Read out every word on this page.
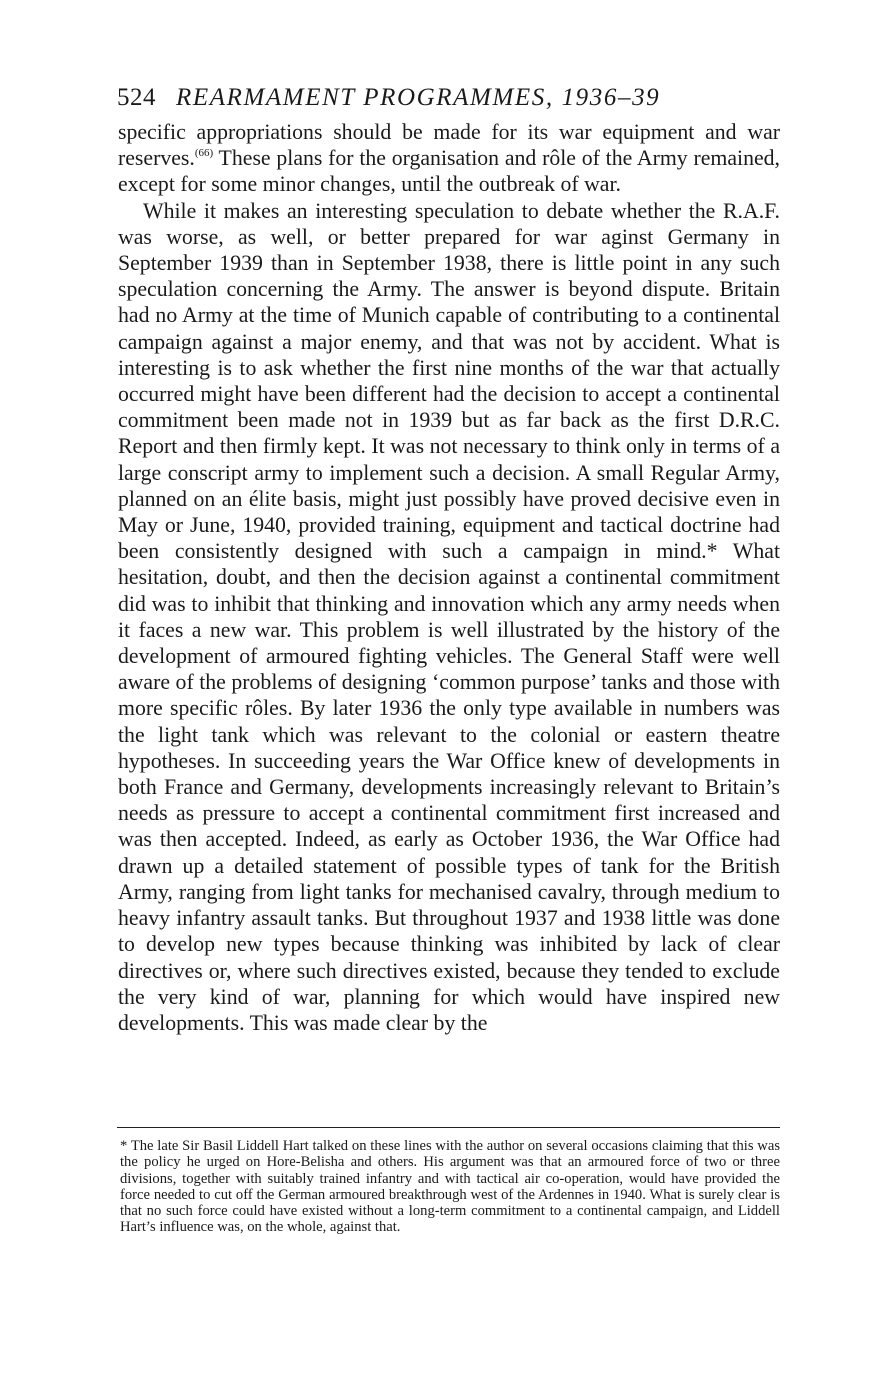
524 REARMAMENT PROGRAMMES, 1936–39

specific appropriations should be made for its war equipment and war reserves.$^{(66)}$ These plans for the organisation and rôle of the Army remained, except for some minor changes, until the outbreak of war.

While it makes an interesting speculation to debate whether the R.A.F. was worse, as well, or better prepared for war aginst Germany in September 1939 than in September 1938, there is little point in any such speculation concerning the Army. The answer is beyond dispute. Britain had no Army at the time of Munich capable of contributing to a continental campaign against a major enemy, and that was not by accident. What is interesting is to ask whether the first nine months of the war that actually occurred might have been different had the decision to accept a continental commitment been made not in 1939 but as far back as the first D.R.C. Report and then firmly kept. It was not necessary to think only in terms of a large conscript army to implement such a decision. A small Regular Army, planned on an élite basis, might just possibly have proved decisive even in May or June, 1940, provided training, equipment and tactical doctrine had been consistently designed with such a campaign in mind.* What hesitation, doubt, and then the decision against a continental commitment did was to inhibit that thinking and innovation which any army needs when it faces a new war. This problem is well illustrated by the history of the development of armoured fighting vehicles. The General Staff were well aware of the problems of designing ‘common purpose’ tanks and those with more specific rôles. By later 1936 the only type available in numbers was the light tank which was relevant to the colonial or eastern theatre hypotheses. In succeeding years the War Office knew of developments in both France and Germany, developments increasingly relevant to Britain’s needs as pressure to accept a continental commitment first increased and was then accepted. Indeed, as early as October 1936, the War Office had drawn up a detailed statement of possible types of tank for the British Army, ranging from light tanks for mechanised cavalry, through medium to heavy infantry assault tanks. But throughout 1937 and 1938 little was done to develop new types because thinking was inhibited by lack of clear directives or, where such directives existed, because they tended to exclude the very kind of war, planning for which would have inspired new developments. This was made clear by the

* The late Sir Basil Liddell Hart talked on these lines with the author on several occasions claiming that this was the policy he urged on Hore-Belisha and others. His argument was that an armoured force of two or three divisions, together with suitably trained infantry and with tactical air co-operation, would have provided the force needed to cut off the German armoured breakthrough west of the Ardennes in 1940. What is surely clear is that no such force could have existed without a long-term commitment to a continental campaign, and Liddell Hart’s influence was, on the whole, against that.
